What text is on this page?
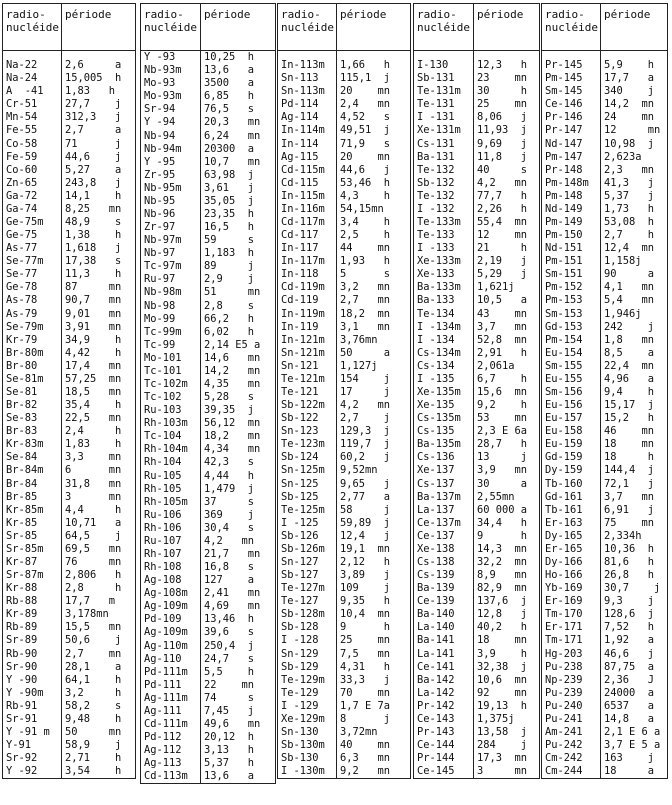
radio-
nucléide	période

Na-22	2,6     a
Na-24	15,005  h
A  -41	1,83   h
Cr-51	27,7    j
Mn-54	312,3   j
Fe-55	2,7     a
Co-58	71      j
Fe-59	44,6    j
Co-60	5,27    a
Zn-65	243,8   j
Ga-72	14,1    h
Ga-74	8,25   mn
Ge-75m	48,9    s
Ge-75	1,38    h
As-77	1,618   j
Se-77m	17,38   s
Se-77	11,3    h
Ge-78	87     mn
As-78	90,7   mn
As-79	9,01   mn
Se-79m	3,91   mn
Kr-79	34,9    h
Br-80m	4,42    h
Br-80	17,4   mn
Se-81m	57,25  mn
Se-81	18,5   mn
Br-82	35,4    h
Se-83	22,5   mn
Br-83	2,4     h
Kr-83m	1,83    h
Se-84	3,3    mn
Br-84m	6      mn
Br-84	31,8   mn
Br-85	3      mn
Kr-85m	4,4     h
Kr-85	10,71   a
Sr-85	64,5    j
Sr-85m	69,5   mn
Kr-87	76     mn
Sr-87m	2,806   h
Kr-88	2,8     h
Rb-88	17,7   m
Kr-89	3,178mn
Rb-89	15,5   mn
Sr-89	50,6    j
Rb-90	2,7    mn
Sr-90	28,1    a
Y -90	64,1    h
Y -90m	3,2     h
Rb-91	58,2    s
Sr-91	9,48    h
Y -91 m	50     mn
Y-91	58,9    j
Sr-92	2,71    h
Y -92	3,54    h
radio-
nucléide	période
Y -93	10,25  h
Nb-93m	13,6   a
Mo-93	3500   a
Mo-93m	6,85   h
Sr-94	76,5   s
Y -94	20,3   mn
Nb-94	6,24   mn
Nb-94m	20300  a
Y -95	10,7   mn
Zr-95	63,98  j
Nb-95m	3,61   j
Nb-95	35,05  j
Nb-96	23,35  h
Zr-97	16,5   h
Nb-97m	59     s
Nb-97	1,183  h
Tc-97m	89     j
Ru-97	2,9    j
Nb-98m	51     mn
Nb-98	2,8    s
Mo-99	66,2   h
Tc-99m	6,02   h
Tc-99	2,14 E5 a
Mo-101	14,6   mn
Tc-101	14,2   mn
Tc-102m	4,35   mn
Tc-102	5,28   s
Ru-103	39,35  j
Rh-103m	56,12  mn
Tc-104	18,2   mn
Rh-104m	4,34   mn
Rh-104	42,3   s
Ru-105	4,44   h
Rh-105	1,479  j
Rh-105m	37     s
Ru-106	369    j
Rh-106	30,4   s
Ru-107	4,2   mn
Rh-107	21,7   mn
Rh-108	16,8   s
Ag-108	127    a
Ag-108m	2,41   mn
Ag-109m	4,69   mn
Pd-109	13,46  h
Ag-109m	39,6   s
Ag-110m	250,4  j
Ag-110	24,7   s
Pd-111m	5,5    h
Pd-111	22    mn
Ag-111m	74     s
Ag-111	7,45   j
Cd-111m	49,6   mn
Pd-112	20,12  h
Ag-112	3,13   h
Ag-113	5,37   h
Cd-113m	13,6   a
radio-
nucléide	période

In-113m	1,66   h
Sn-113	115,1  j
Sn-113m	20    mn
Pd-114	2,4   mn
Ag-114	4,52   s
In-114m	49,51  j
In-114	71,9   s
Ag-115	20    mn
Cd-115m	44,6   j
Cd-115	53,46  h
In-115m	4,3    h
In-116m	54,15mn
Cd-117m	3,4    h
Cd-117	2,5    h
In-117	44    mn
In-117m	1,93   h
In-118	5      s
Cd-119m	3,2   mn
Cd-119	2,7   mn
In-119m	18,2  mn
In-119	3,1   mn
In-121m	3,76mn
Sn-121m	50     a
Sn-121	1,127j
Te-121m	154    j
Te-121	17     j
Sb-122m	4,2   mn
Sb-122	2,7    j
Sn-123	129,3  j
Te-123m	119,7  j
Sb-124	60,2   j
Sn-125m	9,52mn
Sn-125	9,65   j
Sb-125	2,77   a
Te-125m	58     j
I -125	59,89  j
Sb-126	12,4   j
Sb-126m	19,1  mn
Sn-127	2,12   h
Sb-127	3,89   j
Te-127m	109    j
Te-127	9,35   h
Sb-128m	10,4  mn
Sb-128	9      h
I -128	25    mn
Sn-129	7,5   mn
Sb-129	4,31   h
Te-129m	33,3   j
Te-129	70    mn
I -129	1,7 E 7a
Xe-129m	8      j
Sn-130	3,72mn
Sb-130m	40    mn
Sb-130	6,3   mn
I -130m	9,2   mn
radio-
nucléide	période

I-130	12,3   h
Sb-131	23    mn
Te-131m	30     h
Te-131	25    mn
I -131	8,06   j
Xe-131m	11,93  j
Cs-131	9,69   j
Ba-131	11,8   j
Te-132	40     s
Sb-132	4,2   mn
Te-132	77,7   h
I -132	2,26   h
Te-133m	55,4  mn
Te-133	12    mn
I -133	21     h
Xe-133m	2,19   j
Xe-133	5,29   j
Ba-133m	1,621j
Ba-133	10,5   a
Te-134	43    mn
I -134m	3,7   mn
I -134	52,8  mn
Cs-134m	2,91   h
Cs-134	2,061a
I -135	6,7    h
Xe-135m	15,6  mn
Xe-135	9,2    h
Cs-135m	53    mn
Cs-135	2,3 E 6a
Ba-135m	28,7   h
Cs-136	13     j
Xe-137	3,9   mn
Cs-137	30     a
Ba-137m	2,55mn
La-137	60 000 a
Ce-137m	34,4   h
Ce-137	9      h
Xe-138	14,3  mn
Cs-138	32,2  mn
Cs-139	8,9   mn
Ba-139	82,9  mn
Ce-139	137,6  j
Ba-140	12,8   j
La-140	40,2   h
Ba-141	18    mn
La-141	3,9    h
Ce-141	32,38  j
Ba-142	10,6  mn
La-142	92    mn
Pr-142	19,13  h
Ce-143	1,375j
Pr-143	13,58  j
Ce-144	284    j
Pr-144	17,3  mn
Ce-145	3     mn
radio-
nucléide	période

Pr-145	5,9    h
Pm-145	17,7   a
Sm-145	340    j
Ce-146	14,2  mn
Pr-146	24    mn
Pr-147	12     mn
Nd-147	10,98  j
Pm-147	2,623a
Pr-148	2,3   mn
Pm-148m	41,3   j
Pm-148	5,37   j
Nd-149	1,73   h
Pm-149	53,08  h
Pm-150	2,7    h
Nd-151	12,4  mn
Pm-151	1,158j
Sm-151	90     a
Pm-152	4,1   mn
Pm-153	5,4   mn
Sm-153	1,946j
Gd-153	242    j
Pm-154	1,8   mn
Eu-154	8,5    a
Sm-155	22,4  mn
Eu-155	4,96   a
Sm-156	9,4    h
Eu-156	15,17  j
Eu-157	15,2   h
Eu-158	46    mn
Eu-159	18    mn
Gd-159	18     h
Dy-159	144,4  j
Tb-160	72,1   j
Gd-161	3,7   mn
Tb-161	6,91   j
Er-163	75    mn
Dy-165	2,334h
Er-165	10,36  h
Dy-166	81,6   h
Ho-166	26,8   h
Yb-169	30,7    j
Er-169	9,3    j
Tm-170	128,6  j
Er-171	7,52   h
Tm-171	1,92   a
Hg-203	46,6   j
Pu-238	87,75  a
Np-239	2,36   J
Pu-239	24000  a
Pu-240	6537   a
Pu-241	14,8   a
Am-241	2,1 E 6 a
Pu-242	3,7 E 5 a
Cm-242	163    j
Cm-244	18     a
